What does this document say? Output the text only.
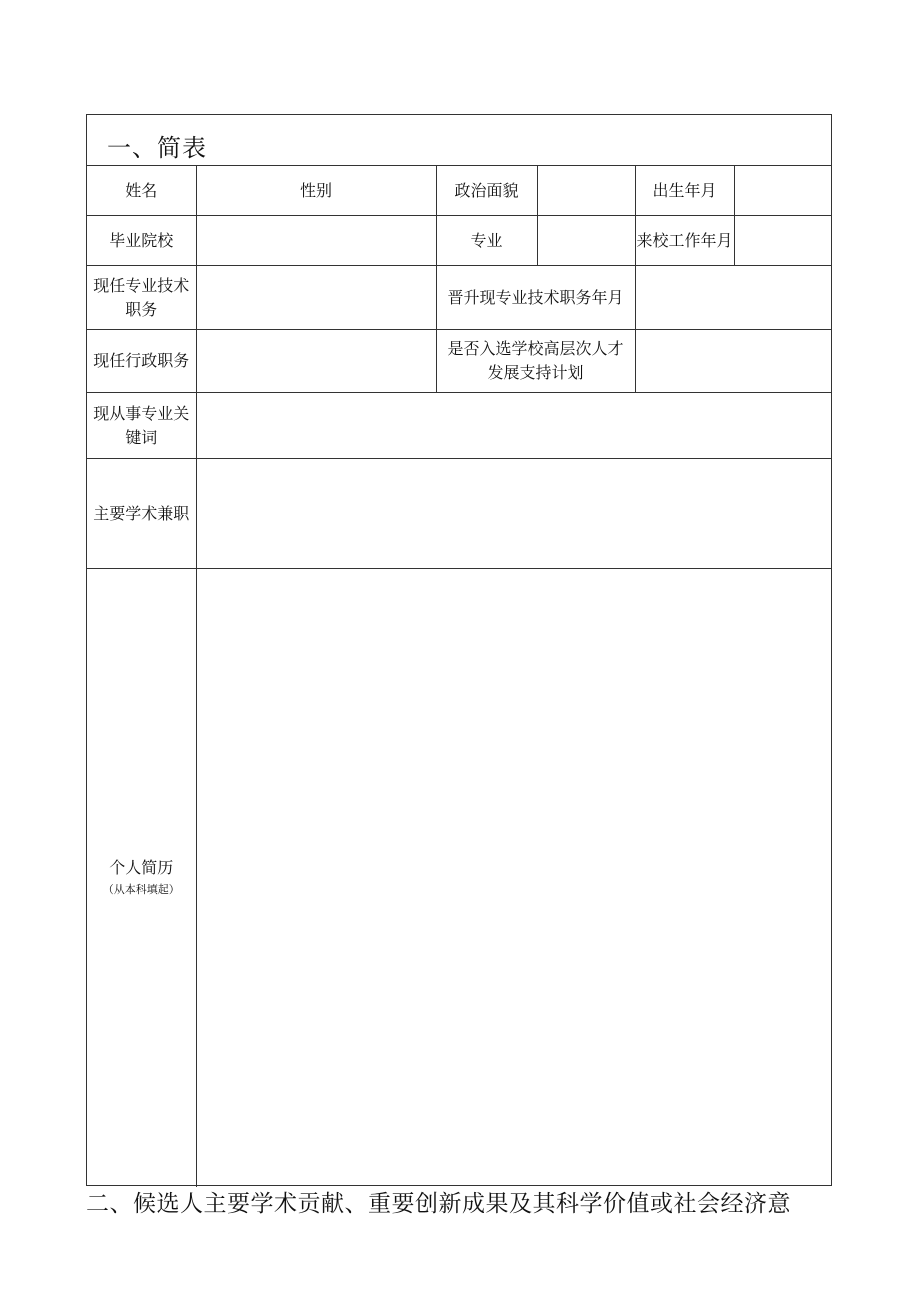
一、简表
姓名	性别	政治面貌		出生年月	
毕业院校		专业		来校工作年月	
现任专业技术职务		晋升现专业技术职务年月			
现任行政职务		是否入选学校高层次人才发展支持计划			
现从事专业关键词					
主要学术兼职					
个人简历
（从本科填起）					

二、候选人主要学术贡献、重要创新成果及其科学价值或社会经济意
